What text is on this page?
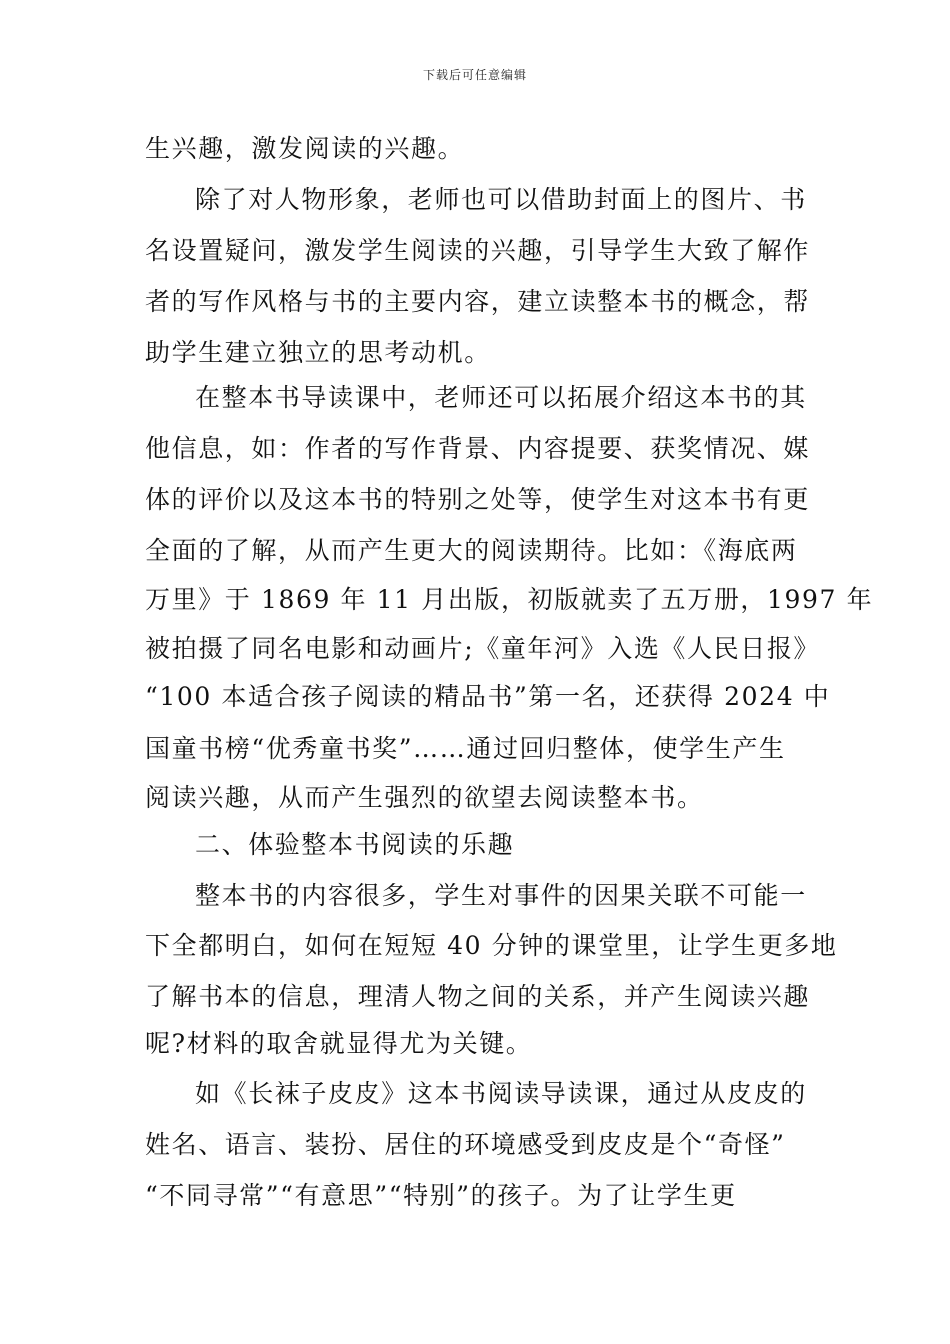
下载后可任意编辑
生兴趣，激发阅读的兴趣。
除了对人物形象，老师也可以借助封面上的图片、书
名设置疑问，激发学生阅读的兴趣，引导学生大致了解作
者的写作风格与书的主要内容，建立读整本书的概念，帮
助学生建立独立的思考动机。
在整本书导读课中，老师还可以拓展介绍这本书的其
他信息，如：作者的写作背景、内容提要、获奖情况、媒
体的评价以及这本书的特别之处等，使学生对这本书有更
全面的了解，从而产生更大的阅读期待。比如：《海底两
万里》于 1869 年 11 月出版，初版就卖了五万册，1997 年
被拍摄了同名电影和动画片;《童年河》入选《人民日报》
“100 本适合孩子阅读的精品书”第一名，还获得 2024 中
国童书榜“优秀童书奖”……通过回归整体，使学生产生
阅读兴趣，从而产生强烈的欲望去阅读整本书。
二、体验整本书阅读的乐趣
整本书的内容很多，学生对事件的因果关联不可能一
下全都明白，如何在短短 40 分钟的课堂里，让学生更多地
了解书本的信息，理清人物之间的关系，并产生阅读兴趣
呢?材料的取舍就显得尤为关键。
如《长袜子皮皮》这本书阅读导读课，通过从皮皮的
姓名、语言、装扮、居住的环境感受到皮皮是个“奇怪”
“不同寻常”“有意思”“特别”的孩子。为了让学生更
